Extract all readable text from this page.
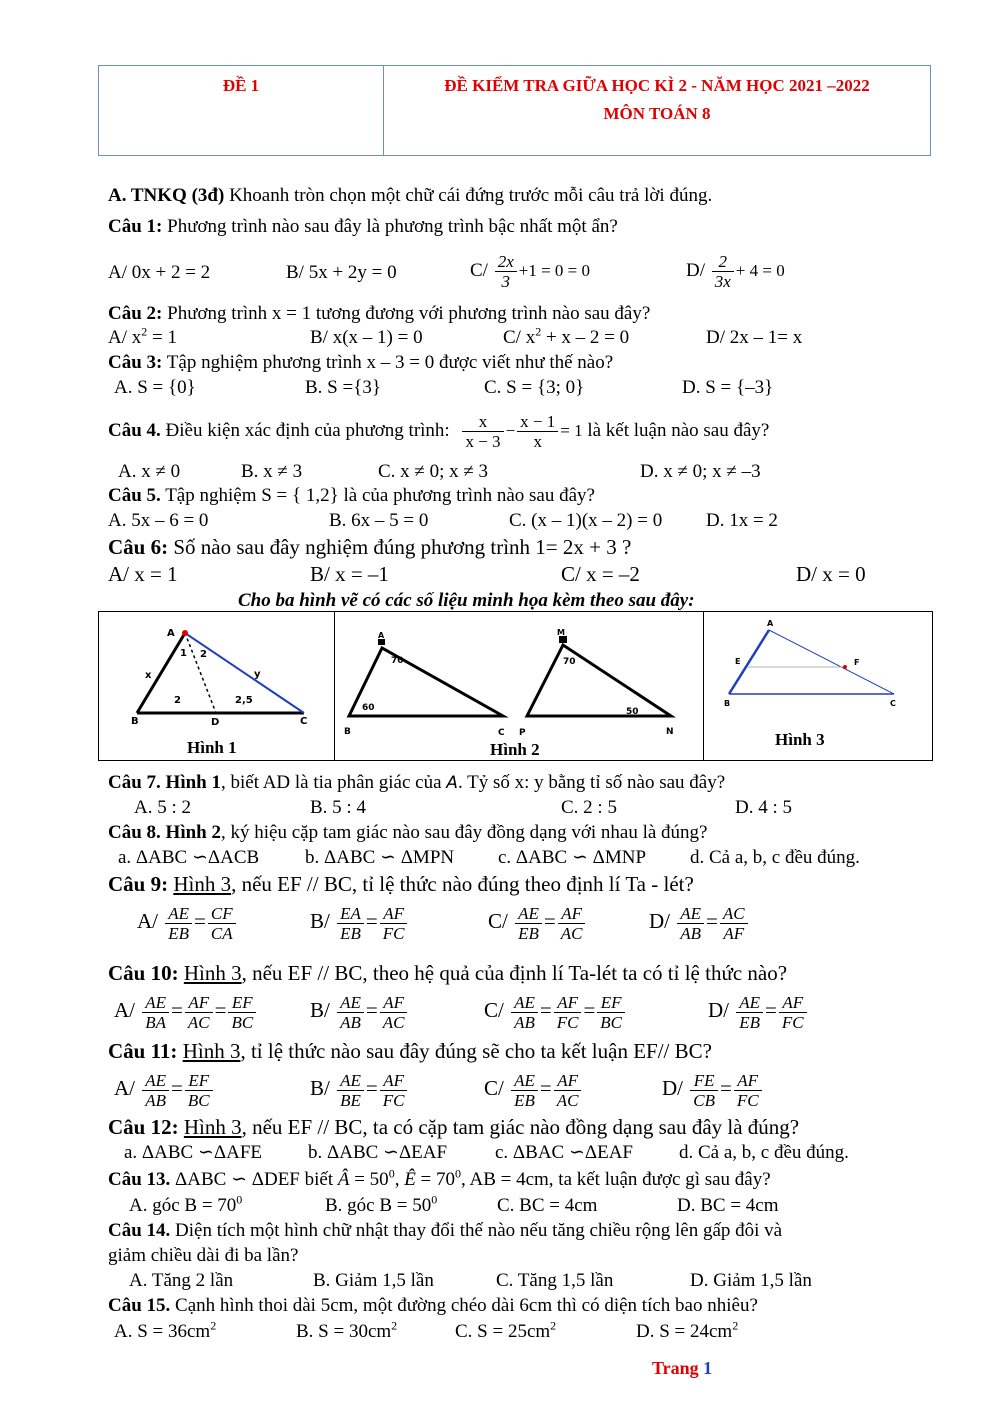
ĐỀ 1	ĐỀ KIỂM TRA GIỮA HỌC KÌ 2 - NĂM HỌC 2021 –2022
MÔN TOÁN 8
A. TNKQ (3đ) Khoanh tròn chọn một chữ cái đứng trước mỗi câu trả lời đúng.
Câu 1: Phương trình nào sau đây là phương trình bậc nhất một ẩn?
A/ 0x + 2 = 2	B/ 5x + 2y = 0	$C/ \frac{2x}{3} +1 = 0 = 0$	$D/ \frac{2}{3x} + 4 = 0$
Câu 2: Phương trình x = 1 tương đương với phương trình nào sau đây?
A/ $x^2 = 1$	B/ x(x – 1) = 0	C/ $x^2 + x - 2 = 0$	D/ 2x – 1= x
Câu 3: Tập nghiệm phương trình x – 3 = 0 được viết như thế nào?
A. S = {0}	B. S ={3}	C. S = {3; 0}	D. S = {–3}
Câu 4. Điều kiện xác định của phương trình: $\frac{x}{x - 3} - \frac{x - 1}{x} = 1$ là kết luận nào sau đây?
A. x ≠ 0	B. x ≠ 3	C. x ≠ 0; x ≠ 3	D. x ≠ 0; x ≠ –3
Câu 5. Tập nghiệm S = { 1,2} là của phương trình nào sau đây?
A. 5x – 6 = 0	B. 6x – 5 = 0	C. (x – 1)(x – 2) = 0 D. 1x = 2
Câu 6: Số nào sau đây nghiệm đúng phương trình 1= 2x + 3 ?
A/ x = 1	B/ x = –1	C/ x = –2	D/ x = 0
Cho ba hình vẽ có các số liệu minh họa kèm theo sau đây:
A
B	D	C
1 2
x	y
2	2,5
Hình 1
A
70
60
B	C
M
70
50
P	N
Hình 2
A
E	F
B	C
Hình 3
Câu 7. Hình 1, biết AD là tia phân giác của A. Tỷ số x: y bằng tỉ số nào sau đây?
A. 5 : 2	B. 5 : 4	C. 2 : 5	D. 4 : 5
Câu 8. Hình 2, ký hiệu cặp tam giác nào sau đây đồng dạng với nhau là đúng?
a. ΔABC ∽ΔACB b. ΔABC ∽ ΔMPN c. ΔABC ∽ ΔMNP d. Cả a, b, c đều đúng.
Câu 9: Hình 3, nếu EF // BC, tỉ lệ thức nào đúng theo định lí Ta - lét?
$A/ \frac{AE}{EB} = \frac{CF}{CA}$	$B/ \frac{EA}{EB} = \frac{AF}{FC}$	$C/ \frac{AE}{EB} = \frac{AF}{AC}$	$D/ \frac{AE}{AB} = \frac{AC}{AF}$
Câu 10: Hình 3, nếu EF // BC, theo hệ quả của định lí Ta-lét ta có tỉ lệ thức nào?
$A/ \frac{AE}{BA} = \frac{AF}{AC} = \frac{EF}{BC}$	$B/ \frac{AE}{AB} = \frac{AF}{AC}$	$C/ \frac{AE}{AB} = \frac{AF}{FC} = \frac{EF}{BC}$	$D/ \frac{AE}{EB} = \frac{AF}{FC}$
Câu 11: Hình 3, tỉ lệ thức nào sau đây đúng sẽ cho ta kết luận EF// BC?
$A/ \frac{AE}{AB} = \frac{EF}{BC}$	$B/ \frac{AE}{BE} = \frac{AF}{FC}$	$C/ \frac{AE}{EB} = \frac{AF}{AC}$	$D/ \frac{FE}{CB} = \frac{AF}{FC}$
Câu 12: Hình 3, nếu EF // BC, ta có cặp tam giác nào đồng dạng sau đây là đúng?
a. ΔABC ∽ΔAFE b. ΔABC ∽ΔEAF	c. ΔBAC ∽ΔEAF d. Cả a, b, c đều đúng.
Câu 13. ΔABC ∽ ΔDEF biết Â = $50^0$, Ê = $70^0$, AB = 4cm, ta kết luận được gì sau đây?
A. góc $B = 70^0$	B. góc $B = 50^0$	C. BC = 4cm	D. BC = 4cm
Câu 14. Diện tích một hình chữ nhật thay đổi thế nào nếu tăng chiều rộng lên gấp đôi và
giảm chiều dài đi ba lần?
A. Tăng 2 lần	B. Giảm 1,5 lần	C. Tăng 1,5 lần	D. Giảm 1,5 lần
Câu 15. Cạnh hình thoi dài 5cm, một đường chéo dài 6cm thì có diện tích bao nhiêu?
A. $S = 36cm^2$	B. $S = 30cm^2$	C. $S = 25cm^2$	D. $S = 24cm^2$
Trang 1
